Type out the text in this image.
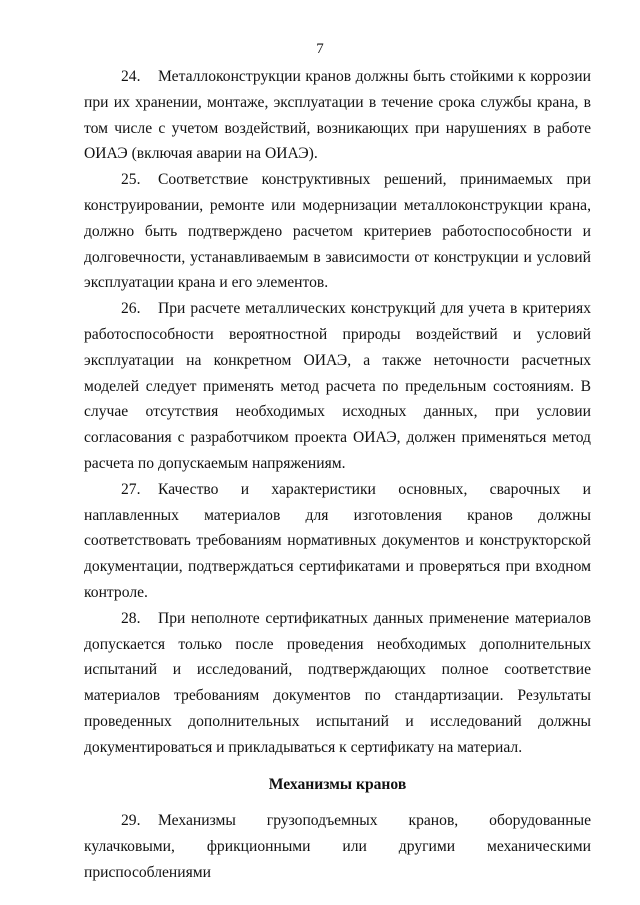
7

24. Металлоконструкции кранов должны быть стойкими к коррозии при их хранении, монтаже, эксплуатации в течение срока службы крана, в том числе с учетом воздействий, возникающих при нарушениях в работе ОИАЭ (включая аварии на ОИАЭ).

25. Соответствие конструктивных решений, принимаемых при конструировании, ремонте или модернизации металлоконструкции крана, должно быть подтверждено расчетом критериев работоспособности и долговечности, устанавливаемым в зависимости от конструкции и условий эксплуатации крана и его элементов.

26. При расчете металлических конструкций для учета в критериях работоспособности вероятностной природы воздействий и условий эксплуатации на конкретном ОИАЭ, а также неточности расчетных моделей следует применять метод расчета по предельным состояниям. В случае отсутствия необходимых исходных данных, при условии согласования с разработчиком проекта ОИАЭ, должен применяться метод расчета по допускаемым напряжениям.

27. Качество и характеристики основных, сварочных и наплавленных материалов для изготовления кранов должны соответствовать требованиям нормативных документов и конструкторской документации, подтверждаться сертификатами и проверяться при входном контроле.

28. При неполноте сертификатных данных применение материалов допускается только после проведения необходимых дополнительных испытаний и исследований, подтверждающих полное соответствие материалов требованиям документов по стандартизации. Результаты проведенных дополнительных испытаний и исследований должны документироваться и прикладываться к сертификату на материал.

Механизмы кранов

29. Механизмы грузоподъемных кранов, оборудованные кулачковыми, фрикционными или другими механическими приспособлениями
